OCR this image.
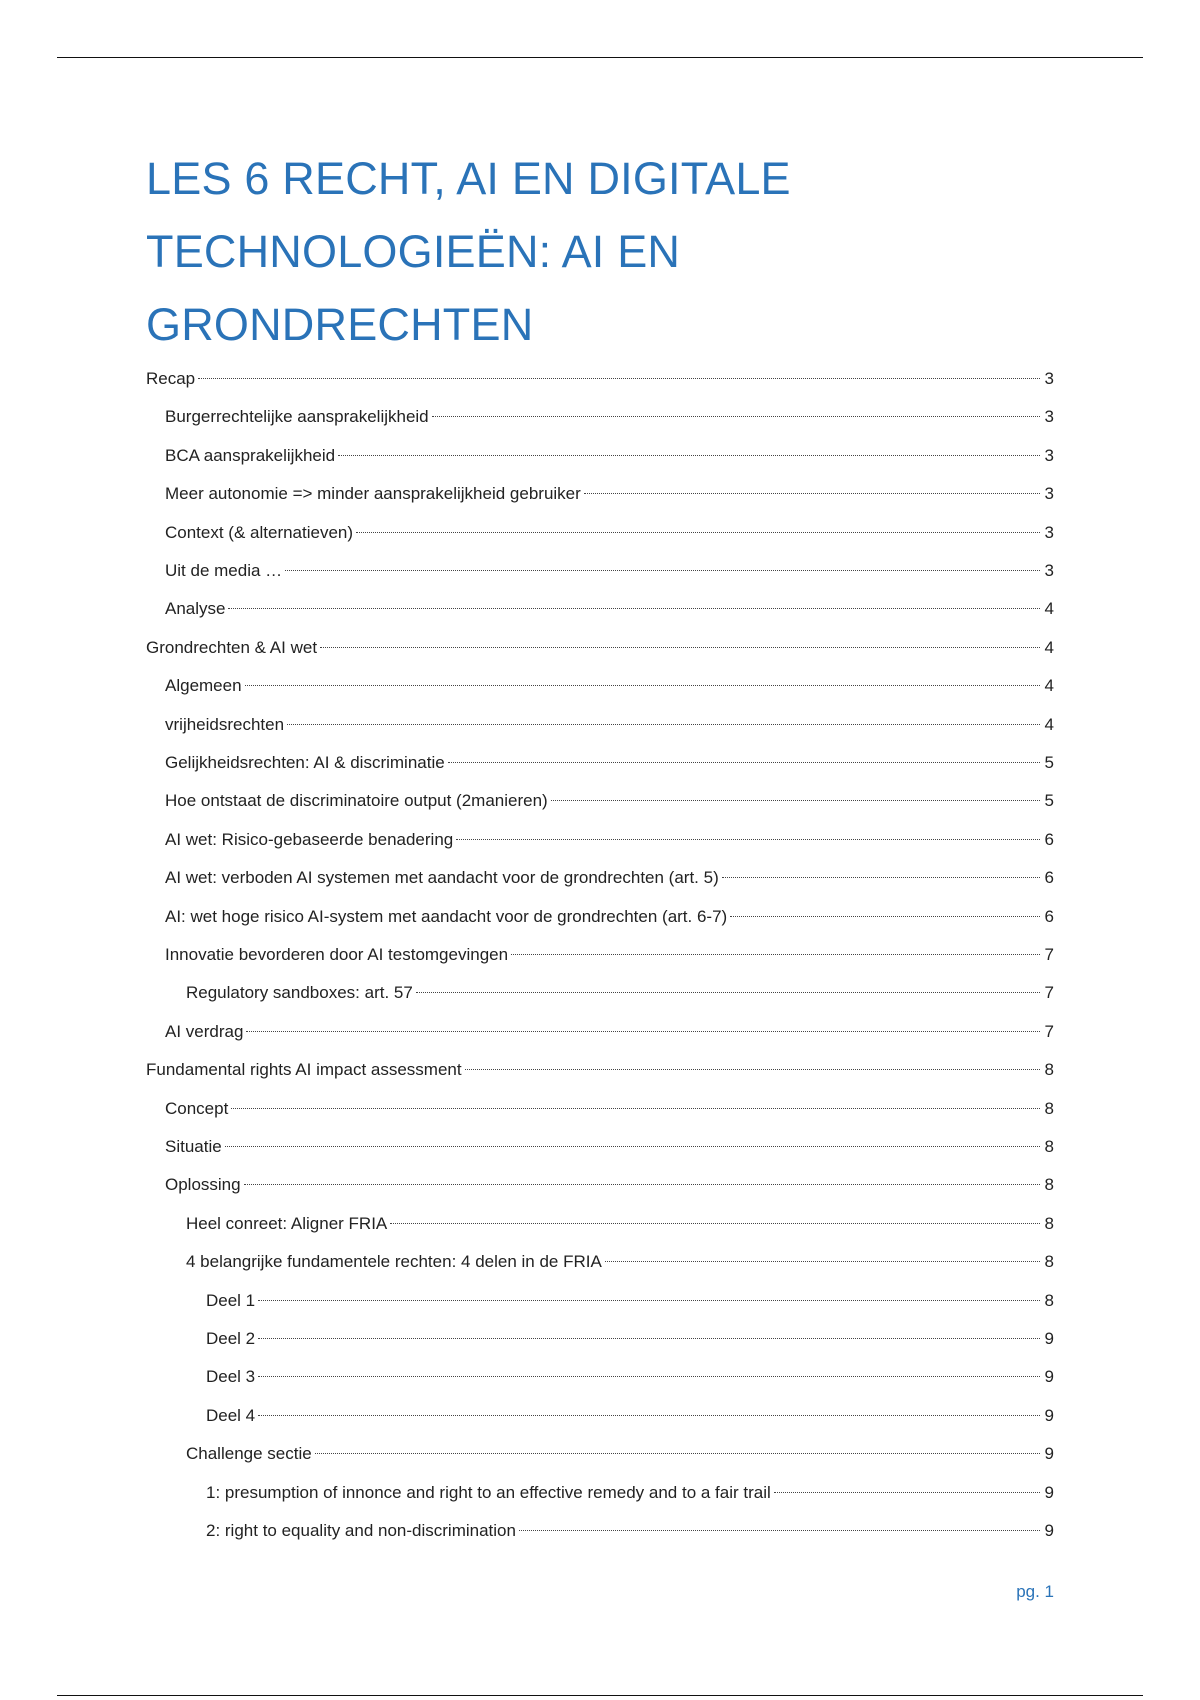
LES 6 RECHT, AI EN DIGITALE
TECHNOLOGIEËN: AI EN
GRONDRECHTEN
Recap	3
Burgerrechtelijke aansprakelijkheid	3
BCA aansprakelijkheid	3
Meer autonomie => minder aansprakelijkheid gebruiker	3
Context (& alternatieven)	3
Uit de media …	3
Analyse	4
Grondrechten & AI wet	4
Algemeen	4
vrijheidsrechten	4
Gelijkheidsrechten: AI & discriminatie	5
Hoe ontstaat de discriminatoire output (2manieren)	5
AI wet: Risico-gebaseerde benadering	6
AI wet: verboden AI systemen met aandacht voor de grondrechten (art. 5)	6
AI: wet hoge risico AI-system met aandacht voor de grondrechten (art. 6-7)	6
Innovatie bevorderen door AI testomgevingen	7
Regulatory sandboxes: art. 57	7
AI verdrag	7
Fundamental rights AI impact assessment	8
Concept	8
Situatie	8
Oplossing	8
Heel conreet: Aligner FRIA	8
4 belangrijke fundamentele rechten: 4 delen in de FRIA	8
Deel 1	8
Deel 2	9
Deel 3	9
Deel 4	9
Challenge sectie	9
1: presumption of innonce and right to an effective remedy and to a fair trail	9
2: right to equality and non-discrimination	9
pg. 1
